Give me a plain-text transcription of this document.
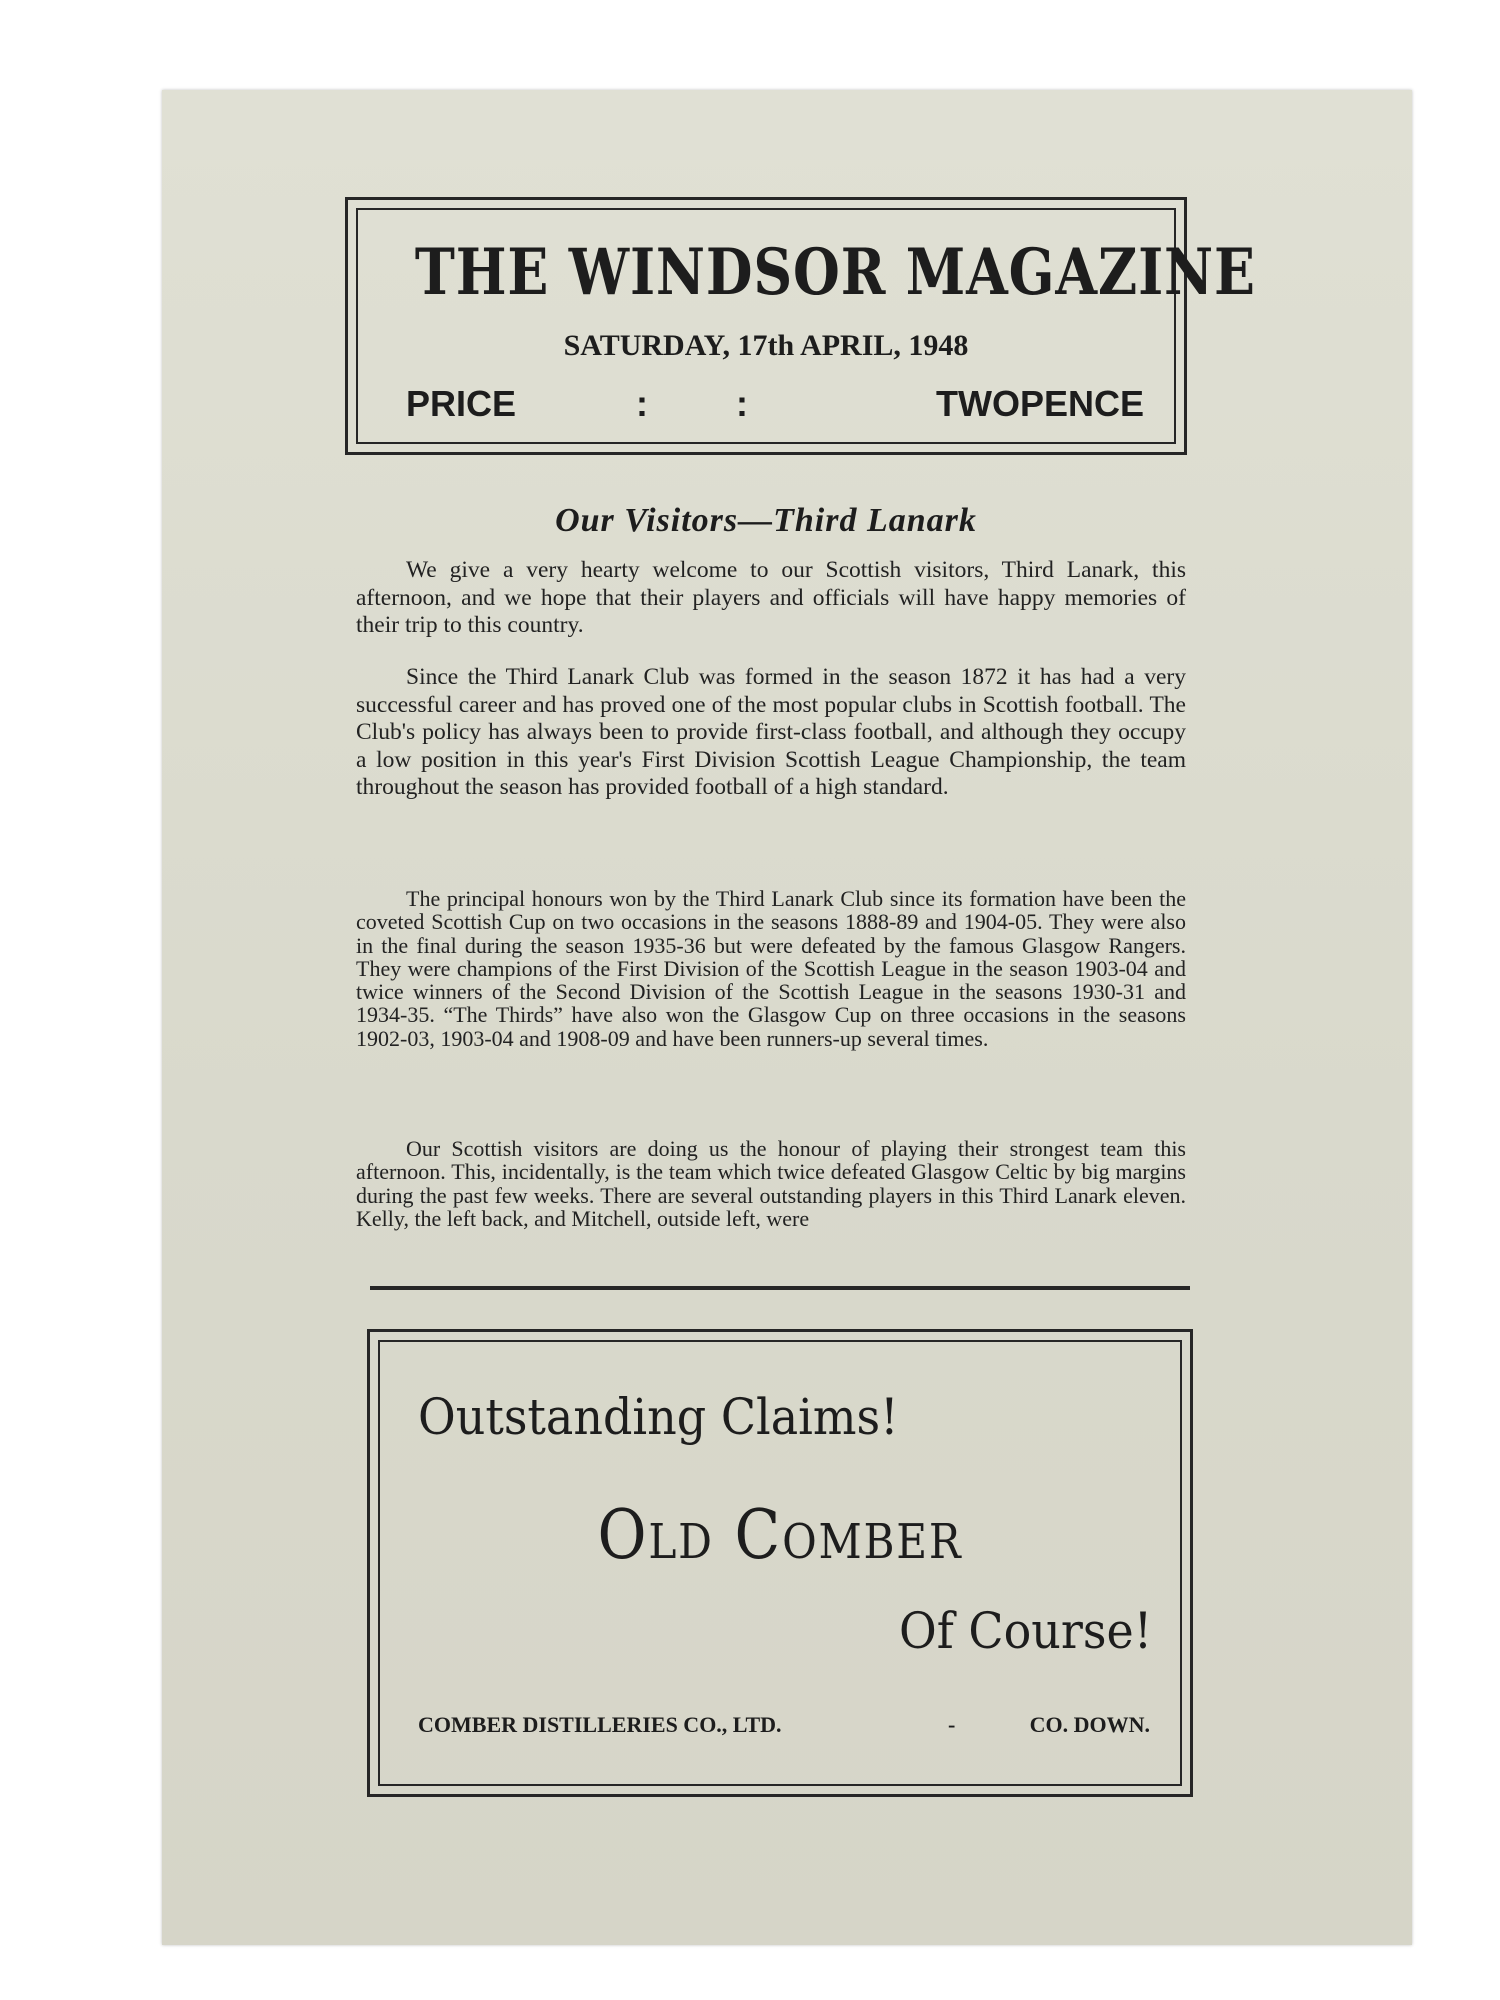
THE WINDSOR MAGAZINE
SATURDAY, 17th APRIL, 1948
PRICE	: :	TWOPENCE
Our Visitors—Third Lanark

We give a very hearty welcome to our Scottish visitors, Third Lanark, this afternoon, and we hope that their players and officials will have happy memories of their trip to this country.

Since the Third Lanark Club was formed in the season 1872 it has had a very successful career and has proved one of the most popular clubs in Scottish football. The Club's policy has always been to provide first-class football, and although they occupy a low position in this year's First Division Scottish League Championship, the team throughout the season has provided football of a high standard.

The principal honours won by the Third Lanark Club since its formation have been the coveted Scottish Cup on two occasions in the seasons 1888-89 and 1904-05. They were also in the final during the season 1935-36 but were defeated by the famous Glasgow Rangers. They were champions of the First Division of the Scottish League in the season 1903-04 and twice winners of the Second Division of the Scottish League in the seasons 1930-31 and 1934-35. “The Thirds” have also won the Glasgow Cup on three occasions in the seasons 1902-03, 1903-04 and 1908-09 and have been runners-up several times.

Our Scottish visitors are doing us the honour of playing their strongest team this afternoon. This, incidentally, is the team which twice defeated Glasgow Celtic by big margins during the past few weeks. There are several outstanding players in this Third Lanark eleven. Kelly, the left back, and Mitchell, outside left, were

Outstanding Claims!
Old Comber
Of Course!
COMBER DISTILLERIES CO., LTD.	-	CO. DOWN.
